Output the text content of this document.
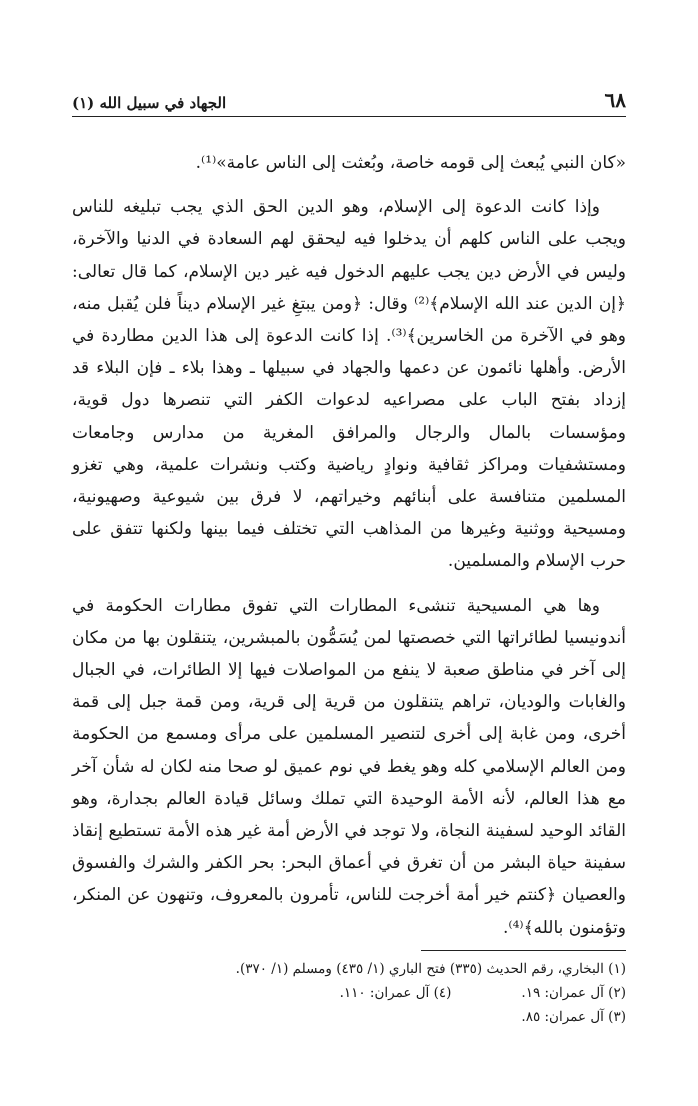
٦٨
الجهاد في سبيل الله (١)

«كان النبي يُبعث إلى قومه خاصة، وبُعثت إلى الناس عامة»⁽¹⁾.

وإذا كانت الدعوة إلى الإسلام، وهو الدين الحق الذي يجب تبليغه للناس ويجب على الناس كلهم أن يدخلوا فيه ليحقق لهم السعادة في الدنيا والآخرة، وليس في الأرض دين يجب عليهم الدخول فيه غير دين الإسلام، كما قال تعالى: ﴿إن الدين عند الله الإسلام﴾⁽²⁾ وقال: ﴿ومن يبتغِ غير الإسلام ديناً فلن يُقبل منه، وهو في الآخرة من الخاسرين﴾⁽³⁾. إذا كانت الدعوة إلى هذا الدين مطاردة في الأرض. وأهلها نائمون عن دعمها والجهاد في سبيلها ـ وهذا بلاء ـ فإن البلاء قد إزداد بفتح الباب على مصراعيه لدعوات الكفر التي تنصرها دول قوية، ومؤسسات بالمال والرجال والمرافق المغرية من مدارس وجامعات ومستشفيات ومراكز ثقافية ونوادٍ رياضية وكتب ونشرات علمية، وهي تغزو المسلمين متنافسة على أبنائهم وخيراتهم، لا فرق بين شيوعية وصهيونية، ومسيحية ووثنية وغيرها من المذاهب التي تختلف فيما بينها ولكنها تتفق على حرب الإسلام والمسلمين.

وها هي المسيحية تنشىء المطارات التي تفوق مطارات الحكومة في أندونيسيا لطائراتها التي خصصتها لمن يُسَمُّون بالمبشرين، يتنقلون بها من مكان إلى آخر في مناطق صعبة لا ينفع من المواصلات فيها إلا الطائرات، في الجبال والغابات والوديان، تراهم يتنقلون من قرية إلى قرية، ومن قمة جبل إلى قمة أخرى، ومن غابة إلى أخرى لتنصير المسلمين على مرأى ومسمع من الحكومة ومن العالم الإسلامي كله وهو يغط في نوم عميق لو صحا منه لكان له شأن آخر مع هذا العالم، لأنه الأمة الوحيدة التي تملك وسائل قيادة العالم بجدارة، وهو القائد الوحيد لسفينة النجاة، ولا توجد في الأرض أمة غير هذه الأمة تستطيع إنقاذ سفينة حياة البشر من أن تغرق في أعماق البحر: بحر الكفر والشرك والفسوق والعصيان ﴿كنتم خير أمة أخرجت للناس، تأمرون بالمعروف، وتنهون عن المنكر، وتؤمنون بالله﴾⁽⁴⁾.

(١) البخاري، رقم الحديث (٣٣٥) فتح الباري (١/ ٤٣٥) ومسلم (١/ ٣٧٠).
(٢) آل عمران: ١٩.
(٤) آل عمران: ١١٠.
(٣) آل عمران: ٨٥.
